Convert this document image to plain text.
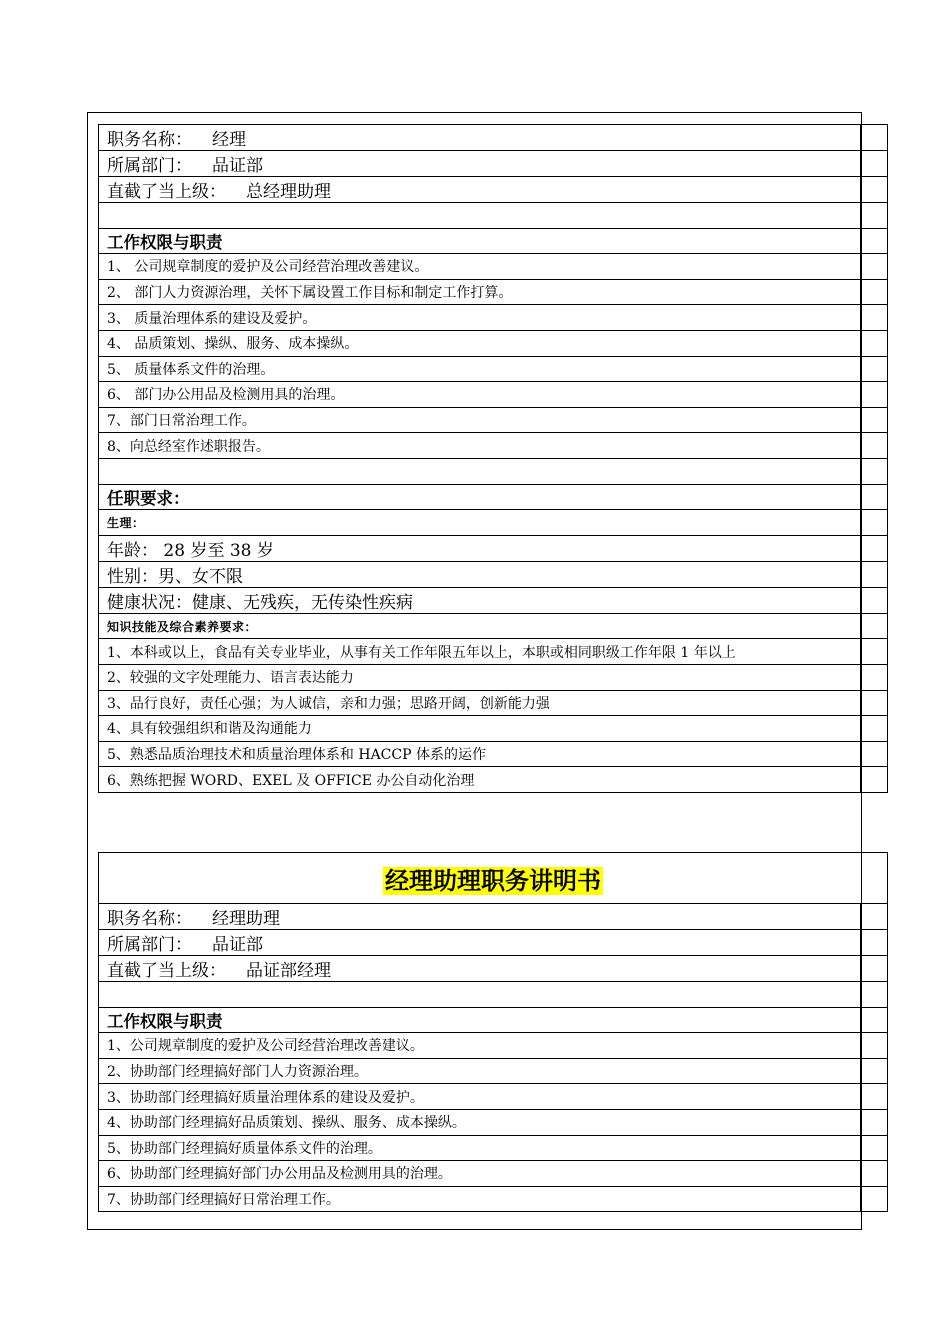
职务名称： 经理	
所属部门： 品证部	
直截了当上级： 总经理助理	

工作权限与职责	
1、 公司规章制度的爱护及公司经营治理改善建议。	
2、 部门人力资源治理，关怀下属设置工作目标和制定工作打算。	
3、 质量治理体系的建设及爱护。	
4、 品质策划、操纵、服务、成本操纵。	
5、 质量体系文件的治理。	
6、 部门办公用品及检测用具的治理。	
7、部门日常治理工作。	
8、向总经室作述职报告。	

任职要求：	
生理：	
年龄： 28 岁至 38 岁	
性别：男、女不限	
健康状况：健康、无残疾，无传染性疾病	
知识技能及综合素养要求：	
1、本科或以上，食品有关专业毕业，从事有关工作年限五年以上，本职或相同职级工作年限 1 年以上	
2、较强的文字处理能力、语言表达能力	
3、品行良好，责任心强；为人诚信，亲和力强；思路开阔，创新能力强	
4、具有较强组织和谐及沟通能力	
5、熟悉品质治理技术和质量治理体系和 HACCP 体系的运作	
6、熟练把握 WORD、EXEL 及 OFFICE 办公自动化治理	
经理助理职务讲明书	
职务名称： 经理助理	
所属部门： 品证部	
直截了当上级： 品证部经理	

工作权限与职责	
1、公司规章制度的爱护及公司经营治理改善建议。	
2、协助部门经理搞好部门人力资源治理。	
3、协助部门经理搞好质量治理体系的建设及爱护。	
4、协助部门经理搞好品质策划、操纵、服务、成本操纵。	
5、协助部门经理搞好质量体系文件的治理。	
6、协助部门经理搞好部门办公用品及检测用具的治理。	
7、协助部门经理搞好日常治理工作。	
